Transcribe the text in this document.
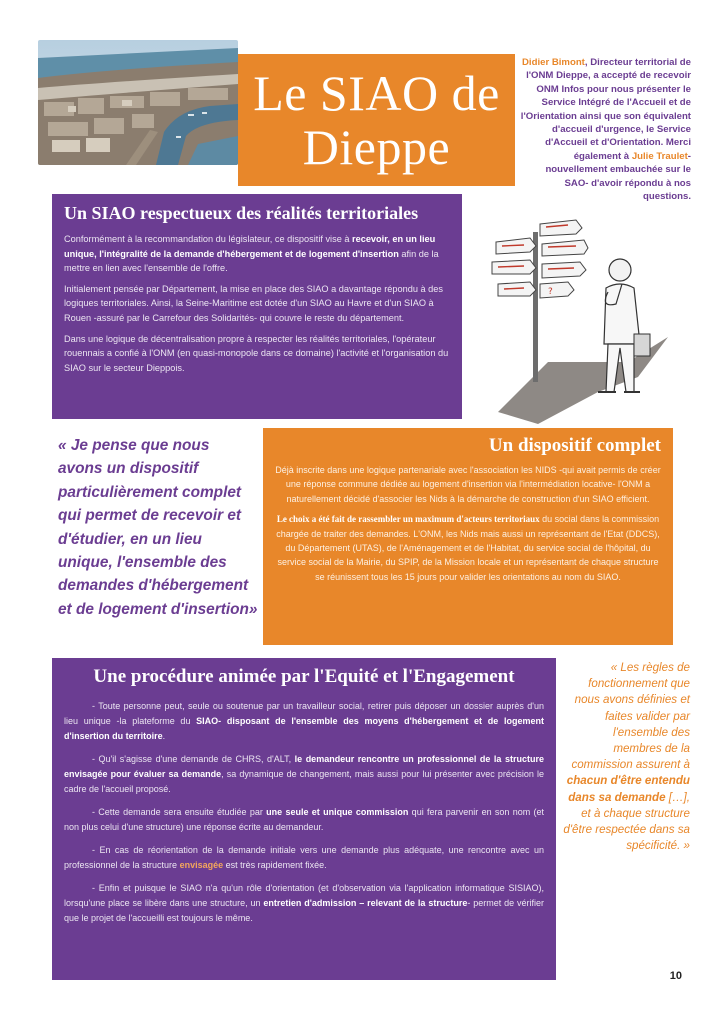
Le SIAO de
Dieppe
Didier Bimont, Directeur territorial de l'ONM Dieppe, a accepté de recevoir ONM Infos pour nous présenter le Service Intégré de l'Accueil et de l'Orientation ainsi que son équivalent d'accueil d'urgence, le Service d'Accueil et d'Orientation. Merci également à Julie Traulet- nouvellement embauchée sur le SAO- d'avoir répondu à nos questions.
Un SIAO respectueux des réalités territoriales

Conformément à la recommandation du législateur, ce dispositif vise à recevoir, en un lieu unique, l'intégralité de la demande d'hébergement et de logement d'insertion afin de la mettre en lien avec l'ensemble de l'offre.

Initialement pensée par Département, la mise en place des SIAO a davantage répondu à des logiques territoriales. Ainsi, la Seine-Maritime est dotée d'un SIAO au Havre et d'un SIAO à Rouen -assuré par le Carrefour des Solidarités- qui couvre le reste du département.

Dans une logique de décentralisation propre à respecter les réalités territoriales, l'opérateur rouennais a confié à l'ONM (en quasi-monopole dans ce domaine) l'activité et l'organisation du SIAO sur le secteur Dieppois.

?
« Je pense que nous avons un dispositif particulièrement complet qui permet de recevoir et d'étudier, en un lieu unique, l'ensemble des demandes d'hébergement et de logement d'insertion»
Un dispositif complet

Déjà inscrite dans une logique partenariale avec l'association les NIDS -qui avait permis de créer une réponse commune dédiée au logement d'insertion via l'intermédiation locative- l'ONM a naturellement décidé d'associer les Nids à la démarche de construction d'un SIAO efficient.

Le choix a été fait de rassembler un maximum d'acteurs territoriaux du social dans la commission chargée de traiter des demandes. L'ONM, les Nids mais aussi un représentant de l'Etat (DDCS), du Département (UTAS), de l'Aménagement et de l'Habitat, du service social de l'hôpital, du service social de la Mairie, du SPIP, de la Mission locale et un représentant de chaque structure se réunissent tous les 15 jours pour valider les orientations au nom du SIAO.

Une procédure animée par l'Equité et l'Engagement

- Toute personne peut, seule ou soutenue par un travailleur social, retirer puis déposer un dossier auprès d'un lieu unique -la plateforme du SIAO- disposant de l'ensemble des moyens d'hébergement et de logement d'insertion du territoire.

- Qu'il s'agisse d'une demande de CHRS, d'ALT, le demandeur rencontre un professionnel de la structure envisagée pour évaluer sa demande, sa dynamique de changement, mais aussi pour lui présenter avec précision le cadre de l'accueil proposé.

- Cette demande sera ensuite étudiée par une seule et unique commission qui fera parvenir en son nom (et non plus celui d'une structure) une réponse écrite au demandeur.

- En cas de réorientation de la demande initiale vers une demande plus adéquate, une rencontre avec un professionnel de la structure envisagée est très rapidement fixée.

- Enfin et puisque le SIAO n'a qu'un rôle d'orientation (et d'observation via l'application informatique SISIAO), lorsqu'une place se libère dans une structure, un entretien d'admission – relevant de la structure- permet de vérifier que le projet de l'accueilli est toujours le même.

« Les règles de fonctionnement que nous avons définies et faites valider par l'ensemble des membres de la commission assurent à chacun d'être entendu dans sa demande […], et à chaque structure d'être respectée dans sa spécificité. »
10
